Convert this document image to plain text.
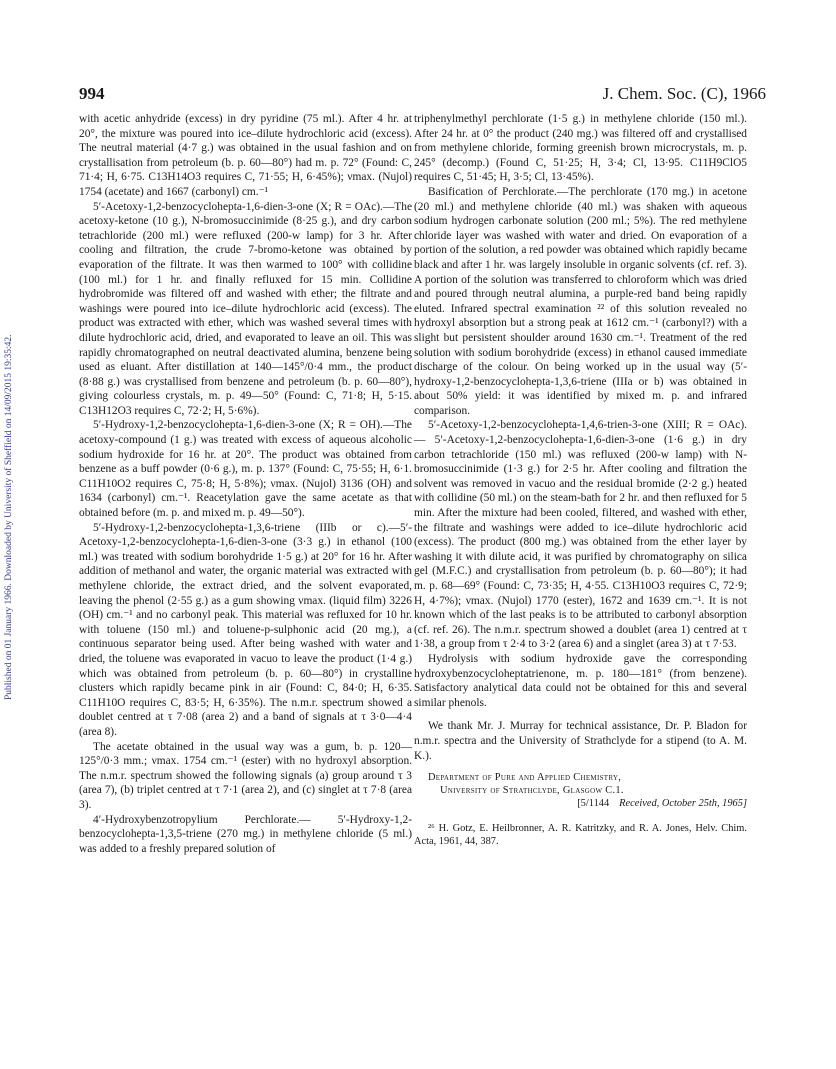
Published on 01 January 1966. Downloaded by University of Sheffield on 14/09/2015 19:35:42.
994	J. Chem. Soc. (C), 1966

with acetic anhydride (excess) in dry pyridine (75 ml.). After 4 hr. at 20°, the mixture was poured into ice–dilute hydrochloric acid (excess). The neutral material (4·7 g.) was obtained in the usual fashion and on crystallisation from petroleum (b. p. 60—80°) had m. p. 72° (Found: C, 71·4; H, 6·75. C13H14O3 requires C, 71·55; H, 6·45%); νmax. (Nujol) 1754 (acetate) and 1667 (carbonyl) cm.⁻¹

5′-Acetoxy-1,2-benzocyclohepta-1,6-dien-3-one (X; R = OAc).—The acetoxy-ketone (10 g.), N-bromosuccinimide (8·25 g.), and dry carbon tetrachloride (200 ml.) were refluxed (200-w lamp) for 3 hr. After cooling and filtration, the crude 7-bromo-ketone was obtained by evaporation of the filtrate. It was then warmed to 100° with collidine (100 ml.) for 1 hr. and finally refluxed for 15 min. Collidine hydrobromide was filtered off and washed with ether; the filtrate and washings were poured into ice–dilute hydrochloric acid (excess). The product was extracted with ether, which was washed several times with dilute hydrochloric acid, dried, and evaporated to leave an oil. This was rapidly chromatographed on neutral deactivated alumina, benzene being used as eluant. After distillation at 140—145°/0·4 mm., the product (8·88 g.) was crystallised from benzene and petroleum (b. p. 60—80°), giving colourless crystals, m. p. 49—50° (Found: C, 71·8; H, 5·15. C13H12O3 requires C, 72·2; H, 5·6%).

5′-Hydroxy-1,2-benzocyclohepta-1,6-dien-3-one (X; R = OH).—The acetoxy-compound (1 g.) was treated with excess of aqueous alcoholic sodium hydroxide for 16 hr. at 20°. The product was obtained from benzene as a buff powder (0·6 g.), m. p. 137° (Found: C, 75·55; H, 6·1. C11H10O2 requires C, 75·8; H, 5·8%); νmax. (Nujol) 3136 (OH) and 1634 (carbonyl) cm.⁻¹. Reacetylation gave the same acetate as that obtained before (m. p. and mixed m. p. 49—50°).

5′-Hydroxy-1,2-benzocyclohepta-1,3,6-triene (IIIb or c).—5′-Acetoxy-1,2-benzocyclohepta-1,6-dien-3-one (3·3 g.) in ethanol (100 ml.) was treated with sodium borohydride 1·5 g.) at 20° for 16 hr. After addition of methanol and water, the organic material was extracted with methylene chloride, the extract dried, and the solvent evaporated, leaving the phenol (2·55 g.) as a gum showing νmax. (liquid film) 3226 (OH) cm.⁻¹ and no carbonyl peak. This material was refluxed for 10 hr. with toluene (150 ml.) and toluene-p-sulphonic acid (20 mg.), a continuous separator being used. After being washed with water and dried, the toluene was evaporated in vacuo to leave the product (1·4 g.) which was obtained from petroleum (b. p. 60—80°) in crystalline clusters which rapidly became pink in air (Found: C, 84·0; H, 6·35. C11H10O requires C, 83·5; H, 6·35%). The n.m.r. spectrum showed a doublet centred at τ 7·08 (area 2) and a band of signals at τ 3·0—4·4 (area 8).

The acetate obtained in the usual way was a gum, b. p. 120—125°/0·3 mm.; νmax. 1754 cm.⁻¹ (ester) with no hydroxyl absorption. The n.m.r. spectrum showed the following signals (a) group around τ 3 (area 7), (b) triplet centred at τ 7·1 (area 2), and (c) singlet at τ 7·8 (area 3).

4′-Hydroxybenzotropylium Perchlorate.— 5′-Hydroxy-1,2-benzocyclohepta-1,3,5-triene (270 mg.) in methylene chloride (5 ml.) was added to a freshly prepared solution of

triphenylmethyl perchlorate (1·5 g.) in methylene chloride (150 ml.). After 24 hr. at 0° the product (240 mg.) was filtered off and crystallised from methylene chloride, forming greenish brown microcrystals, m. p. 245° (decomp.) (Found C, 51·25; H, 3·4; Cl, 13·95. C11H9ClO5 requires C, 51·45; H, 3·5; Cl, 13·45%).

Basification of Perchlorate.—The perchlorate (170 mg.) in acetone (20 ml.) and methylene chloride (40 ml.) was shaken with aqueous sodium hydrogen carbonate solution (200 ml.; 5%). The red methylene chloride layer was washed with water and dried. On evaporation of a portion of the solution, a red powder was obtained which rapidly became black and after 1 hr. was largely insoluble in organic solvents (cf. ref. 3). A portion of the solution was transferred to chloroform which was dried and poured through neutral alumina, a purple-red band being rapidly eluted. Infrared spectral examination ²² of this solution revealed no hydroxyl absorption but a strong peak at 1612 cm.⁻¹ (carbonyl?) with a slight but persistent shoulder around 1630 cm.⁻¹. Treatment of the red solution with sodium borohydride (excess) in ethanol caused immediate discharge of the colour. On being worked up in the usual way (5′-hydroxy-1,2-benzocyclohepta-1,3,6-triene (IIIa or b) was obtained in about 50% yield: it was identified by mixed m. p. and infrared comparison.

5′-Acetoxy-1,2-benzocyclohepta-1,4,6-trien-3-one (XIII; R = OAc).— 5′-Acetoxy-1,2-benzocyclohepta-1,6-dien-3-one (1·6 g.) in dry carbon tetrachloride (150 ml.) was refluxed (200-w lamp) with N-bromosuccinimide (1·3 g.) for 2·5 hr. After cooling and filtration the solvent was removed in vacuo and the residual bromide (2·2 g.) heated with collidine (50 ml.) on the steam-bath for 2 hr. and then refluxed for 5 min. After the mixture had been cooled, filtered, and washed with ether, the filtrate and washings were added to ice–dilute hydrochloric acid (excess). The product (800 mg.) was obtained from the ether layer by washing it with dilute acid, it was purified by chromatography on silica gel (M.F.C.) and crystallisation from petroleum (b. p. 60—80°); it had m. p. 68—69° (Found: C, 73·35; H, 4·55. C13H10O3 requires C, 72·9; H, 4·7%); νmax. (Nujol) 1770 (ester), 1672 and 1639 cm.⁻¹. It is not known which of the last peaks is to be attributed to carbonyl absorption (cf. ref. 26). The n.m.r. spectrum showed a doublet (area 1) centred at τ 1·38, a group from τ 2·4 to 3·2 (area 6) and a singlet (area 3) at τ 7·53.

Hydrolysis with sodium hydroxide gave the corresponding hydroxybenzocycloheptatrienone, m. p. 180—181° (from benzene). Satisfactory analytical data could not be obtained for this and several similar phenols.

We thank Mr. J. Murray for technical assistance, Dr. P. Bladon for n.m.r. spectra and the University of Strathclyde for a stipend (to A. M. K.).

Department of Pure and Applied Chemistry,
University of Strathclyde, Glasgow C.1.
[5/1144 Received, October 25th, 1965]
²⁶ H. Gotz, E. Heilbronner, A. R. Katritzky, and R. A. Jones, Helv. Chim. Acta, 1961, 44, 387.
